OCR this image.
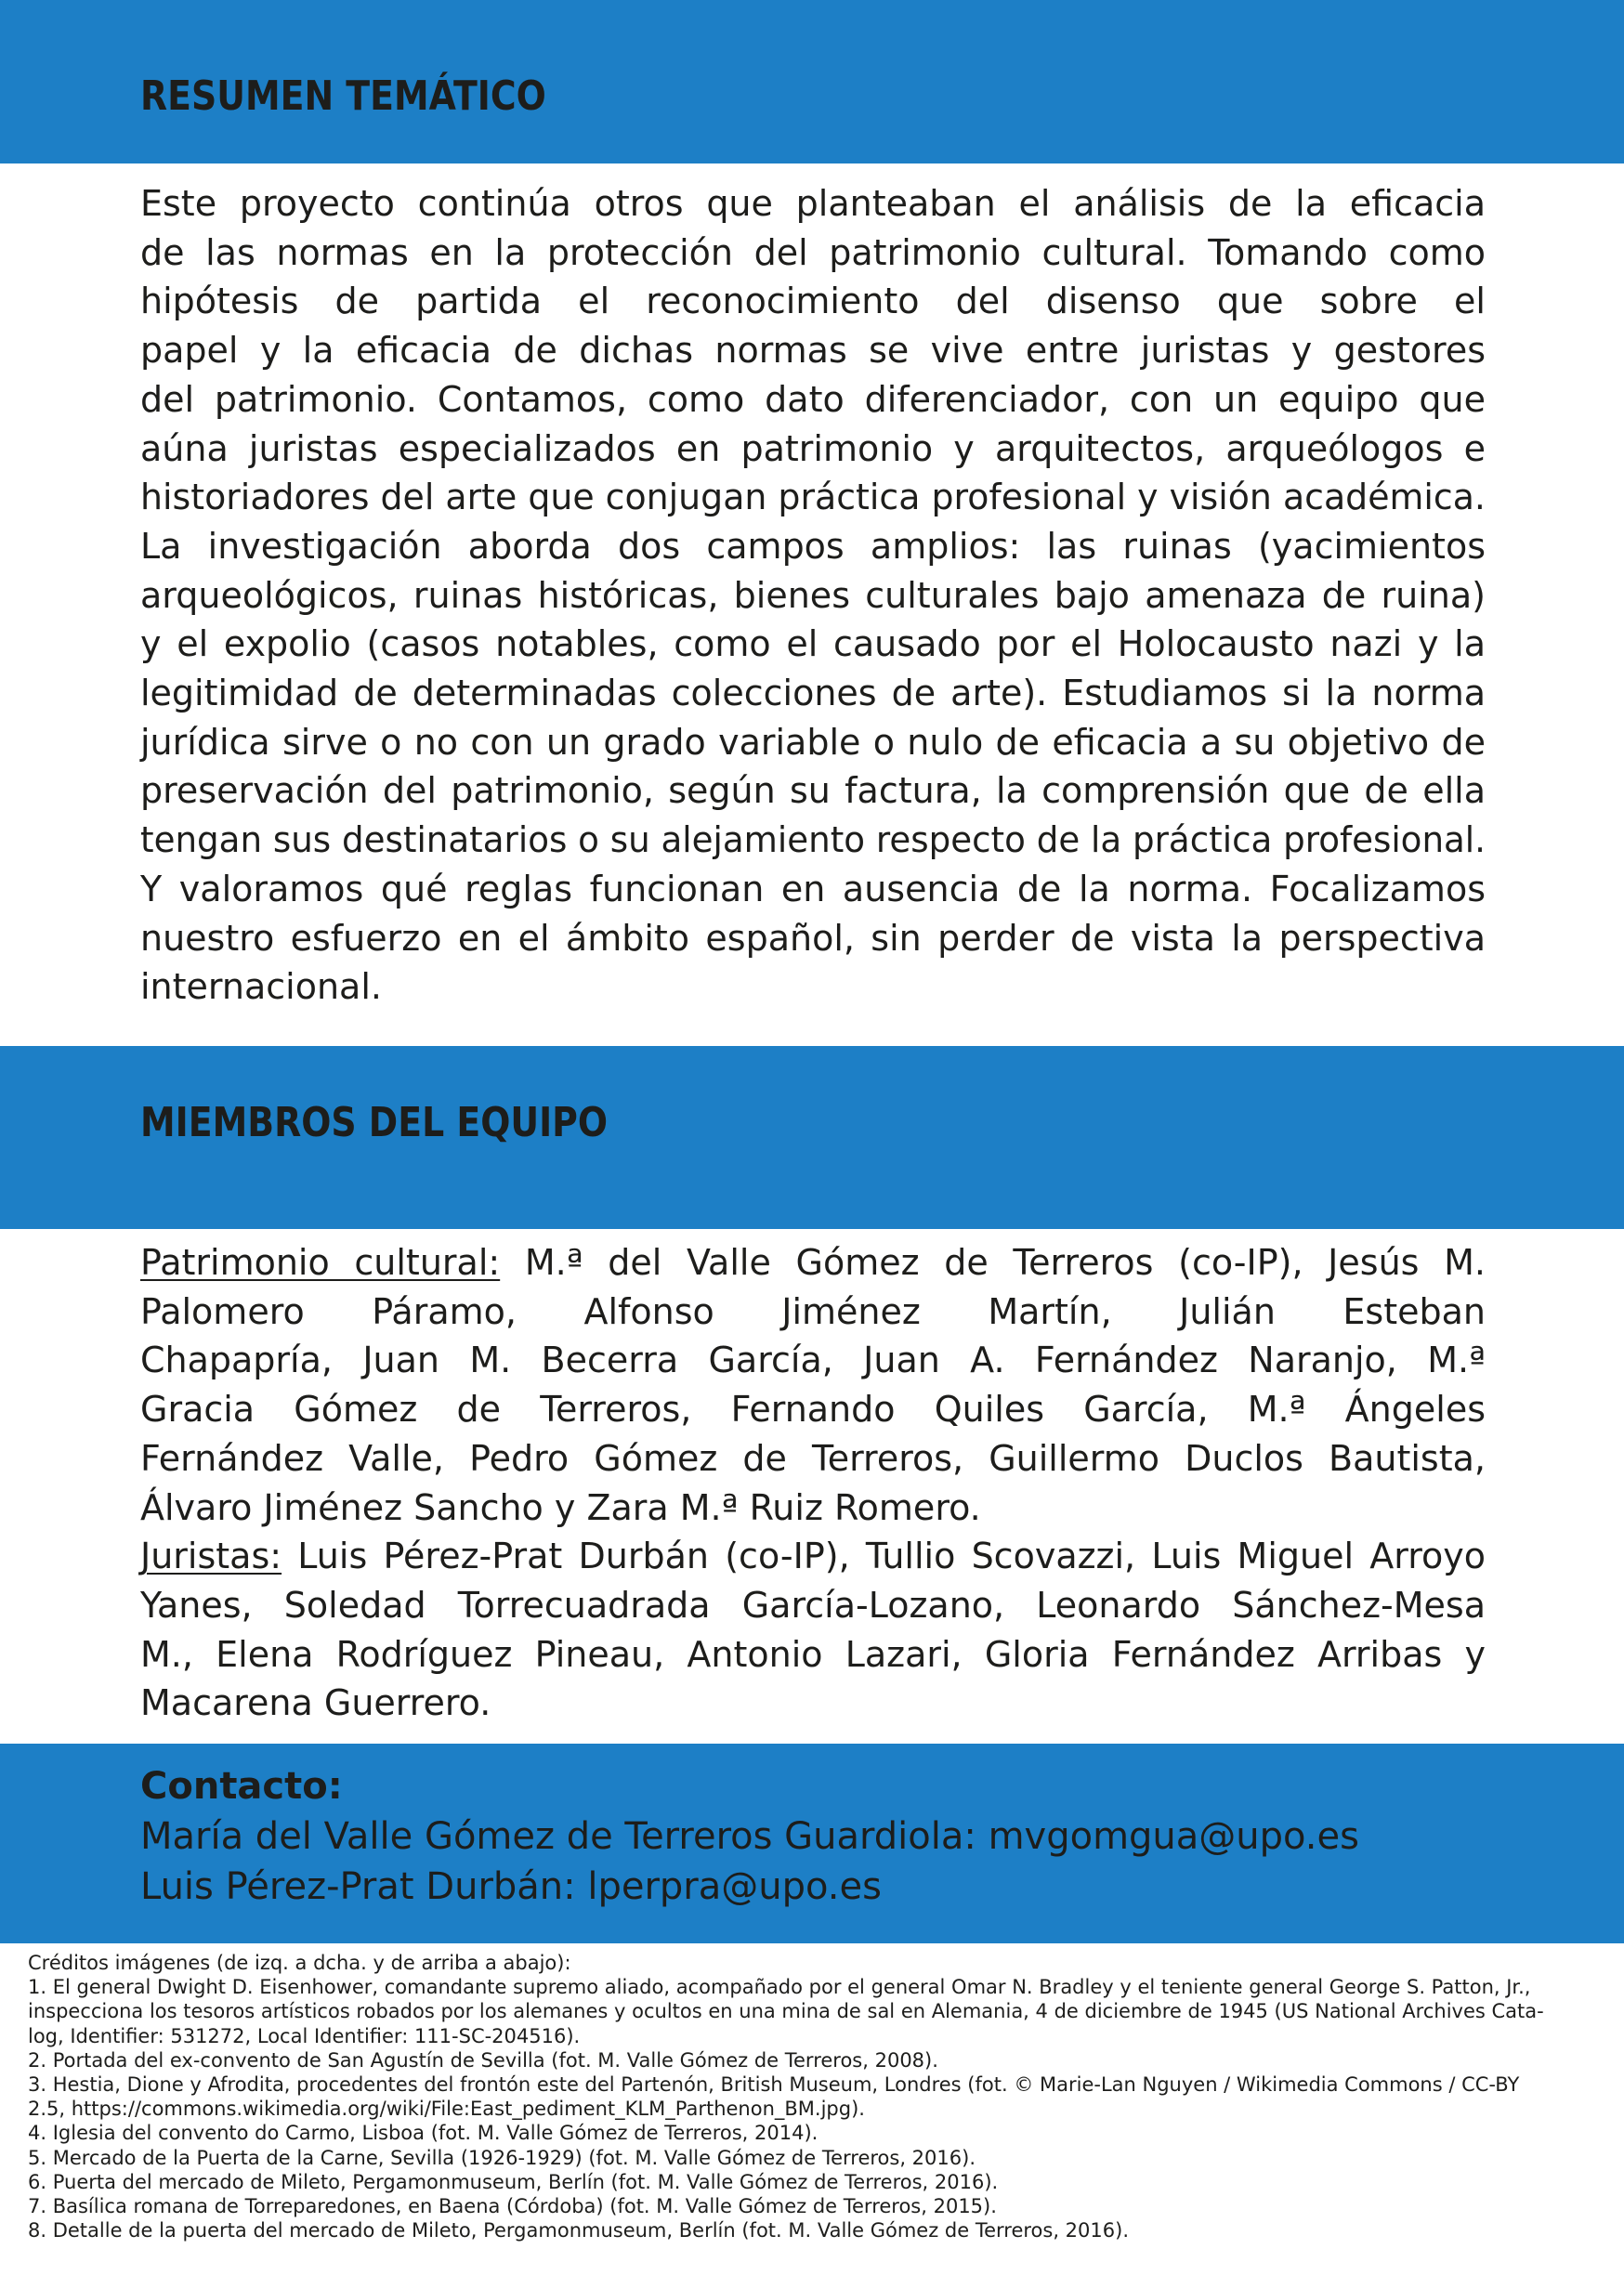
RESUMEN TEMÁTICO
Este proyecto continúa otros que planteaban el análisis de la eficacia
de las normas en la protección del patrimonio cultural. Tomando como
hipótesis de partida el reconocimiento del disenso que sobre el
papel y la eficacia de dichas normas se vive entre juristas y gestores
del patrimonio. Contamos, como dato diferenciador, con un equipo que
aúna juristas especializados en patrimonio y arquitectos, arqueólogos e
historiadores del arte que conjugan práctica profesional y visión académica.
La investigación aborda dos campos amplios: las ruinas (yacimientos
arqueológicos, ruinas históricas, bienes culturales bajo amenaza de ruina)
y el expolio (casos notables, como el causado por el Holocausto nazi y la
legitimidad de determinadas colecciones de arte). Estudiamos si la norma
jurídica sirve o no con un grado variable o nulo de eficacia a su objetivo de
preservación del patrimonio, según su factura, la comprensión que de ella
tengan sus destinatarios o su alejamiento respecto de la práctica profesional.
Y valoramos qué reglas funcionan en ausencia de la norma. Focalizamos
nuestro esfuerzo en el ámbito español, sin perder de vista la perspectiva
internacional.
MIEMBROS DEL EQUIPO
Patrimonio cultural: M.ª del Valle Gómez de Terreros (co-IP), Jesús M.
Palomero Páramo, Alfonso Jiménez Martín, Julián Esteban
Chapapría, Juan M. Becerra García, Juan A. Fernández Naranjo, M.ª
Gracia Gómez de Terreros, Fernando Quiles García, M.ª Ángeles
Fernández Valle, Pedro Gómez de Terreros, Guillermo Duclos Bautista,
Álvaro Jiménez Sancho y Zara M.ª Ruiz Romero.
Juristas: Luis Pérez-Prat Durbán (co-IP), Tullio Scovazzi, Luis Miguel Arroyo
Yanes, Soledad Torrecuadrada García-Lozano, Leonardo Sánchez-Mesa
M., Elena Rodríguez Pineau, Antonio Lazari, Gloria Fernández Arribas y
Macarena Guerrero.
Contacto:
María del Valle Gómez de Terreros Guardiola: mvgomgua@upo.es
Luis Pérez-Prat Durbán: lperpra@upo.es
Créditos imágenes (de izq. a dcha. y de arriba a abajo):
1. El general Dwight D. Eisenhower, comandante supremo aliado, acompañado por el general Omar N. Bradley y el teniente general George S. Patton, Jr.,
inspecciona los tesoros artísticos robados por los alemanes y ocultos en una mina de sal en Alemania, 4 de diciembre de 1945 (US National Archives Cata-
log, Identifier: 531272, Local Identifier: 111-SC-204516).
2. Portada del ex-convento de San Agustín de Sevilla (fot. M. Valle Gómez de Terreros, 2008).
3. Hestia, Dione y Afrodita, procedentes del frontón este del Partenón, British Museum, Londres (fot. © Marie-Lan Nguyen / Wikimedia Commons / CC-BY
2.5, https://commons.wikimedia.org/wiki/File:East_pediment_KLM_Parthenon_BM.jpg).
4. Iglesia del convento do Carmo, Lisboa (fot. M. Valle Gómez de Terreros, 2014).
5. Mercado de la Puerta de la Carne, Sevilla (1926-1929) (fot. M. Valle Gómez de Terreros, 2016).
6. Puerta del mercado de Mileto, Pergamonmuseum, Berlín (fot. M. Valle Gómez de Terreros, 2016).
7. Basílica romana de Torreparedones, en Baena (Córdoba) (fot. M. Valle Gómez de Terreros, 2015).
8. Detalle de la puerta del mercado de Mileto, Pergamonmuseum, Berlín (fot. M. Valle Gómez de Terreros, 2016).
